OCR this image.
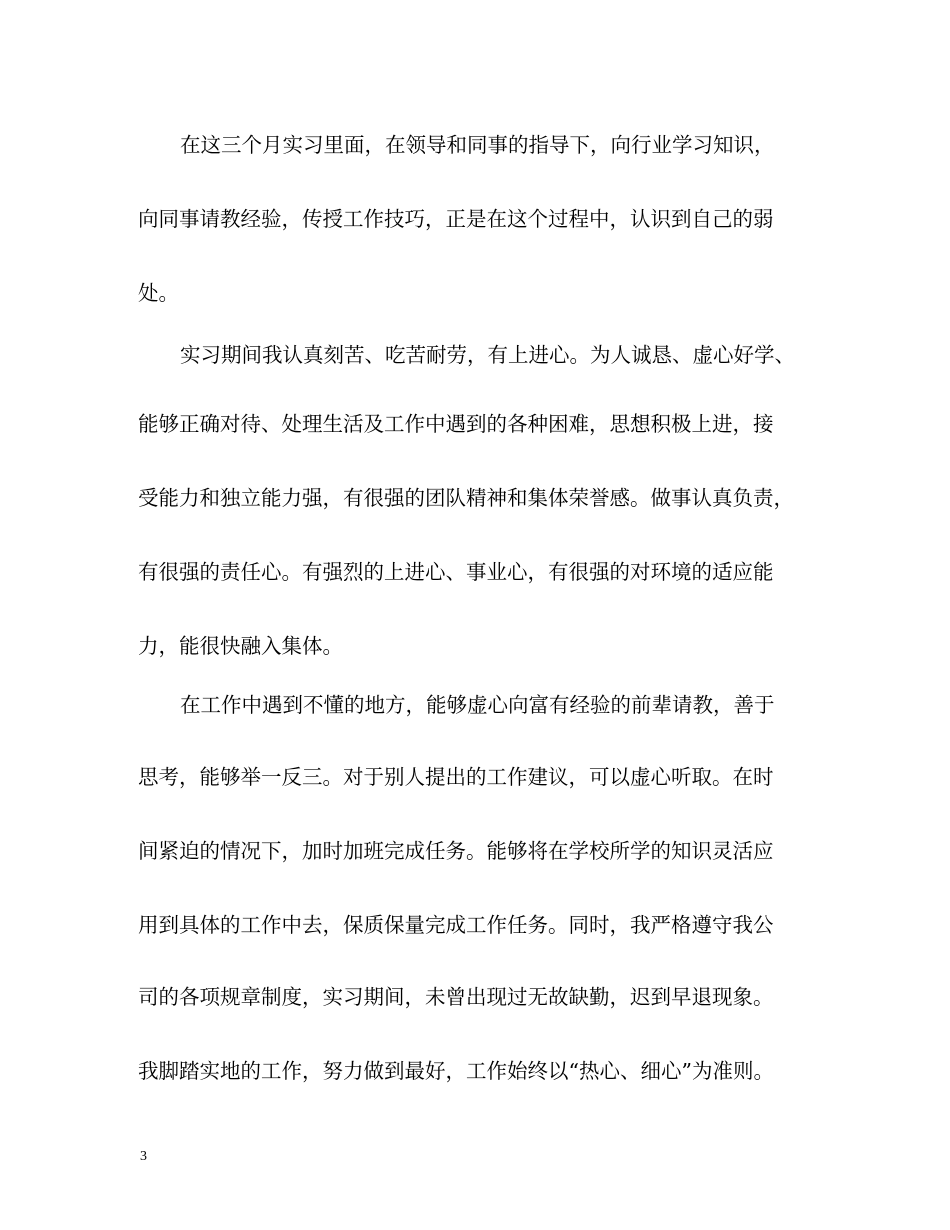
在这三个月实习里面，在领导和同事的指导下，向行业学习知识，
向同事请教经验，传授工作技巧，正是在这个过程中，认识到自己的弱
处。
实习期间我认真刻苦、吃苦耐劳，有上进心。为人诚恳、虚心好学、
能够正确对待、处理生活及工作中遇到的各种困难，思想积极上进，接
受能力和独立能力强，有很强的团队精神和集体荣誉感。做事认真负责，
有很强的责任心。有强烈的上进心、事业心，有很强的对环境的适应能
力，能很快融入集体。
在工作中遇到不懂的地方，能够虚心向富有经验的前辈请教，善于
思考，能够举一反三。对于别人提出的工作建议，可以虚心听取。在时
间紧迫的情况下，加时加班完成任务。能够将在学校所学的知识灵活应
用到具体的工作中去，保质保量完成工作任务。同时，我严格遵守我公
司的各项规章制度，实习期间，未曾出现过无故缺勤，迟到早退现象。
我脚踏实地的工作，努力做到最好，工作始终以“热心、细心”为准则。
3
